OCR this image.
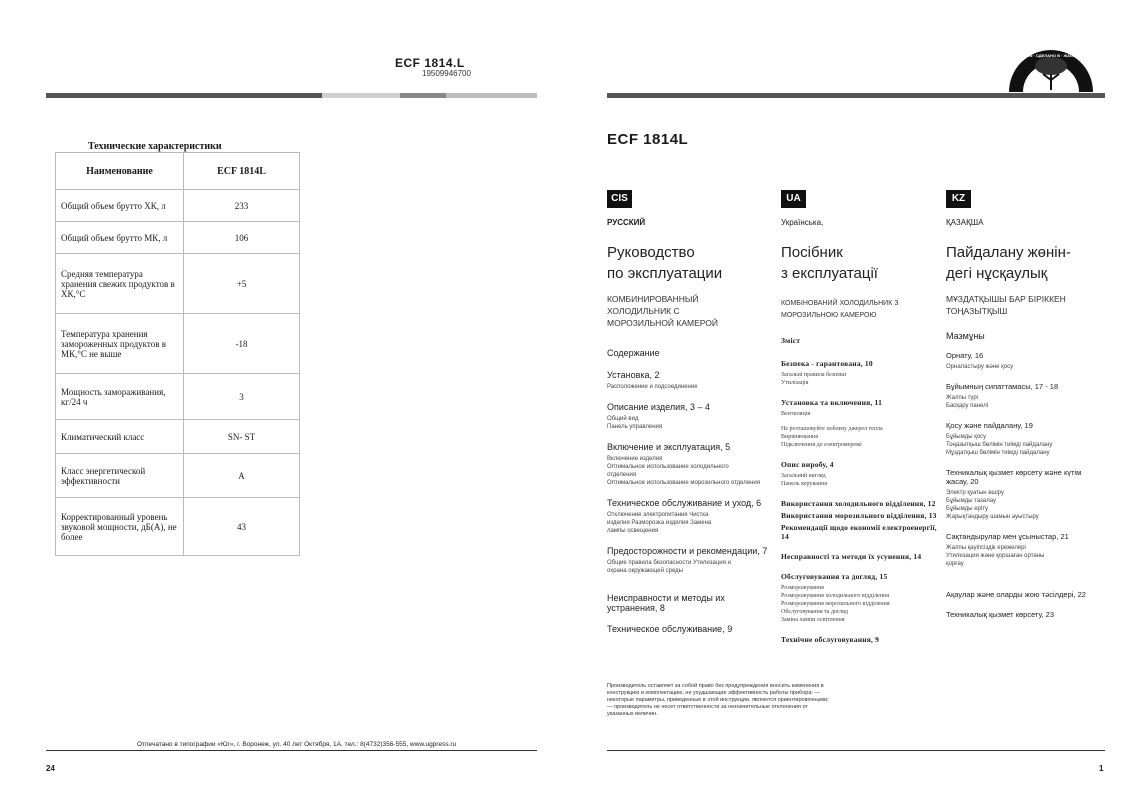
ECF 1814.L
19509946700
Технические характеристики
Наименование	ECF 1814L
Общий объем брутто ХК, л	233
Общий объем брутто МК, л	106
Средняя температура хранения свежих продуктов в ХК,°С	+5
Температура хранения замороженных продуктов в МК,°С не выше	-18
Мощность замораживания, кг/24 ч	3
Климатический класс	SN- ST
Класс энергетической эффективности	A
Корректированный уровень звуковой мощности, дБ(А), не более	43
Отпечатано в типографии «Юг», г. Воронеж, ул. 40 лет Октября, 1А, тел.: 8(4732)356-555, www.ugpress.ru
24
MADE IN · СДЕЛАНО В · ЖАСАЛҒАН
ECF 1814L
CIS
РУССКИЙ
Руководство
по эксплуатации
КОМБИНИРОВАННЫЙ
ХОЛОДИЛЬНИК С
МОРОЗИЛЬНОЙ КАМЕРОЙ
Содержание
Установка, 2
Расположение и подсоединение
Описание изделия, 3 – 4
Общий вид
Панель управления
Включение и эксплуатация, 5
Включение изделия
Оптимальное использование холодильного
отделения
Оптимальное использование морозильного отделения
Техническое обслуживание и уход, 6
Отключение электропитания Чистка
изделия Разморозка изделия Замена
лампы освещения
Предосторожности и рекомендации, 7
Общие правила безопасности Утилизация и
охрана окружающей среды
Неисправности и методы их устранения, 8
Техническое обслуживание, 9
Производитель оставляет за собой право без предупреждения вносить изменения в конструкцию и комплектацию, не ухудшающие эффективность работы прибора: — некоторые параметры, приведенные в этой инструкции, являются ориентировочными; — производитель не несет ответственности за незначительные отклонения от указанных величин.
UA
Українська,
Посібник
з експлуатації
КОМБІНОВАНИЙ ХОЛОДИЛЬНИК З
МОРОЗИЛЬНОЮ КАМЕРОЮ
Зміст
Безпека - гарантована, 10
Загальні правила безпеки
Утилізація
Установка та включення, 11
Вентиляція
Не розташовуйте поблизу джерел тепла
Вирівнювання
Підключення до електромережі
Опис виробу, 4
Загальний вигляд
Панель керування
Використання холодильного відділення, 12
Використання морозильного відділення, 13
Рекомендації щодо економії електроенергії, 14
Несправності та методи їх усунення, 14
Обслуговування та догляд, 15
Розморожування
Розморожування холодильного відділення
Розморожування морозильного відділення
Обслуговування та догляд
Заміна лампи освітлення
Технічне обслуговування, 9
KZ
ҚАЗАҚША
Пайдалану жөнін-
дегі нұсқаулық
МҰЗДАТҚЫШЫ БАР БІРІККЕН
ТОҢАЗЫТҚЫШ
Мазмұны
Орнату, 16
Орналастыру және қосу
Бұйымның сипаттамасы, 17 - 18
Жалпы түрі
Басқару панелі
Қосу және пайдалану, 19
Бұйымды қосу
Тоңазытқыш бөлімін тиімді пайдалану
Мұздатқыш бөлімін тиімді пайдалану
Техникалық қызмет көрсету және күтім жасау, 20
Электр қуатын өшіру
Бұйымды тазалау
Бұйымды еріту
Жарықтандыру шамын ауыстыру
Сақтандырулар мен ұсыныстар, 21
Жалпы қауіпсіздік ережелері
Утилизация және қоршаған ортаны
қорғау
Ақаулар және оларды жою тәсілдері, 22
Техникалық қызмет көрсету, 23
1
